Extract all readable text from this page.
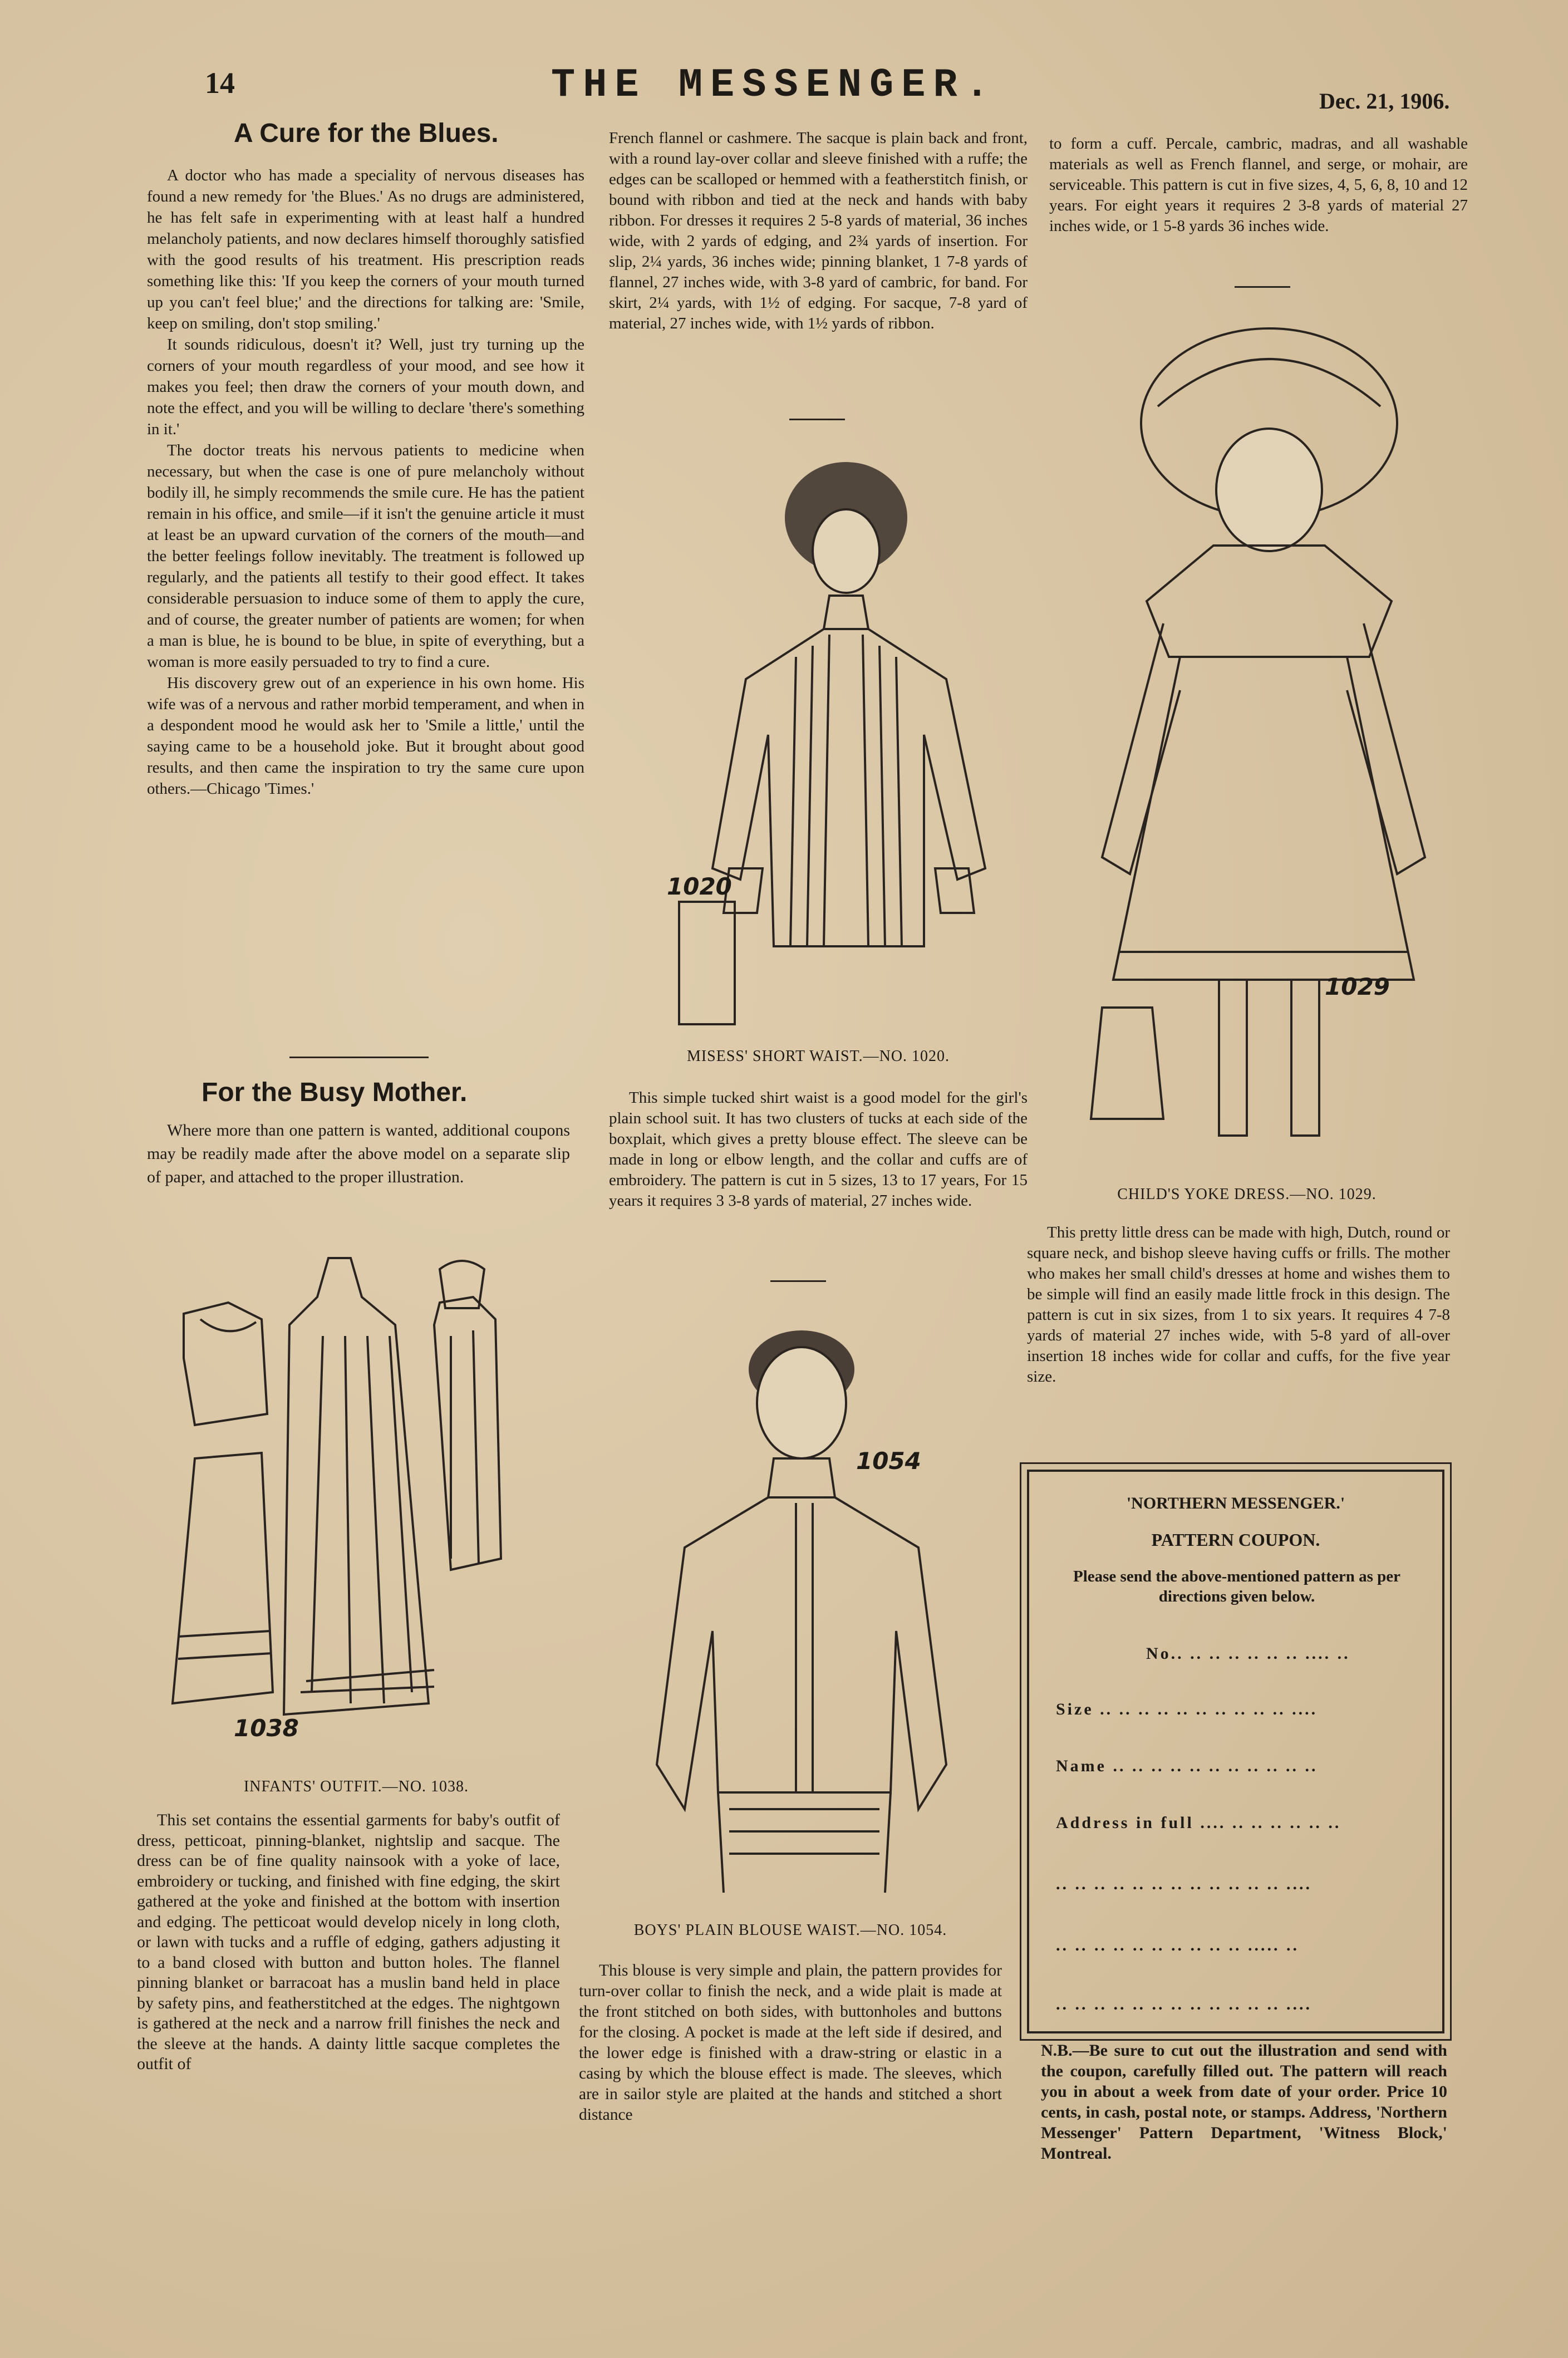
14	THE MESSENGER.	Dec. 21, 1906.
A Cure for the Blues.

A doctor who has made a speciality of nervous diseases has found a new remedy for 'the Blues.' As no drugs are administered, he has felt safe in experimenting with at least half a hundred melancholy patients, and now declares himself thoroughly satisfied with the good results of his treatment. His prescription reads something like this: 'If you keep the corners of your mouth turned up you can't feel blue;' and the directions for talking are: 'Smile, keep on smiling, don't stop smiling.'

It sounds ridiculous, doesn't it? Well, just try turning up the corners of your mouth regardless of your mood, and see how it makes you feel; then draw the corners of your mouth down, and note the effect, and you will be willing to declare 'there's something in it.'

The doctor treats his nervous patients to medicine when necessary, but when the case is one of pure melancholy without bodily ill, he simply recommends the smile cure. He has the patient remain in his office, and smile—if it isn't the genuine article it must at least be an upward curvation of the corners of the mouth—and the better feelings follow inevitably. The treatment is followed up regularly, and the patients all testify to their good effect. It takes considerable persuasion to induce some of them to apply the cure, and of course, the greater number of patients are women; for when a man is blue, he is bound to be blue, in spite of everything, but a woman is more easily persuaded to try to find a cure.

His discovery grew out of an experience in his own home. His wife was of a nervous and rather morbid temperament, and when in a despondent mood he would ask her to 'Smile a little,' until the saying came to be a household joke. But it brought about good results, and then came the inspiration to try the same cure upon others.—Chicago 'Times.'

For the Busy Mother.

Where more than one pattern is wanted, additional coupons may be readily made after the above model on a separate slip of paper, and attached to the proper illustration.

1038
INFANTS' OUTFIT.—NO. 1038.

This set contains the essential garments for baby's outfit of dress, petticoat, pinning-blanket, nightslip and sacque. The dress can be of fine quality nainsook with a yoke of lace, embroidery or tucking, and finished with fine edging, the skirt gathered at the yoke and finished at the bottom with insertion and edging. The petticoat would develop nicely in long cloth, or lawn with tucks and a ruffle of edging, gathers adjusting it to a band closed with button and button holes. The flannel pinning blanket or barracoat has a muslin band held in place by safety pins, and featherstitched at the edges. The nightgown is gathered at the neck and a narrow frill finishes the neck and the sleeve at the hands. A dainty little sacque completes the outfit of

French flannel or cashmere. The sacque is plain back and front, with a round lay-over collar and sleeve finished with a ruffe; the edges can be scalloped or hemmed with a featherstitch finish, or bound with ribbon and tied at the neck and hands with baby ribbon. For dresses it requires 2 5-8 yards of material, 36 inches wide, with 2 yards of edging, and 2¾ yards of insertion. For slip, 2¼ yards, 36 inches wide; pinning blanket, 1 7-8 yards of flannel, 27 inches wide, with 3-8 yard of cambric, for band. For skirt, 2¼ yards, with 1½ of edging. For sacque, 7-8 yard of material, 27 inches wide, with 1½ yards of ribbon.

1020
MISESS' SHORT WAIST.—NO. 1020.

This simple tucked shirt waist is a good model for the girl's plain school suit. It has two clusters of tucks at each side of the boxplait, which gives a pretty blouse effect. The sleeve can be made in long or elbow length, and the collar and cuffs are of embroidery. The pattern is cut in 5 sizes, 13 to 17 years, For 15 years it requires 3 3-8 yards of material, 27 inches wide.

1054
BOYS' PLAIN BLOUSE WAIST.—NO. 1054.

This blouse is very simple and plain, the pattern provides for turn-over collar to finish the neck, and a wide plait is made at the front stitched on both sides, with buttonholes and buttons for the closing. A pocket is made at the left side if desired, and the lower edge is finished with a draw-string or elastic in a casing by which the blouse effect is made. The sleeves, which are in sailor style are plaited at the hands and stitched a short distance

to form a cuff. Percale, cambric, madras, and all washable materials as well as French flannel, and serge, or mohair, are serviceable. This pattern is cut in five sizes, 4, 5, 6, 8, 10 and 12 years. For eight years it requires 2 3-8 yards of material 27 inches wide, or 1 5-8 yards 36 inches wide.

1029
CHILD'S YOKE DRESS.—NO. 1029.

This pretty little dress can be made with high, Dutch, round or square neck, and bishop sleeve having cuffs or frills. The mother who makes her small child's dresses at home and wishes them to be simple will find an easily made little frock in this design. The pattern is cut in six sizes, from 1 to six years. It requires 4 7-8 yards of material 27 inches wide, with 5-8 yard of all-over insertion 18 inches wide for collar and cuffs, for the five year size.

'NORTHERN MESSENGER.'
PATTERN COUPON.
Please send the above-mentioned pattern as per directions given below.
No.. .. .. .. .. .. .. .... ..
Size .. .. .. .. .. .. .. .. .. .. ....
Name .. .. .. .. .. .. .. .. .. .. ..
Address in full .... .. .. .. .. .. ..
.. .. .. .. .. .. .. .. .. .. .. .. ....
.. .. .. .. .. .. .. .. .. .. ..... ..
.. .. .. .. .. .. .. .. .. .. .. .. ....

N.B.—Be sure to cut out the illustration and send with the coupon, carefully filled out. The pattern will reach you in about a week from date of your order. Price 10 cents, in cash, postal note, or stamps. Address, 'Northern Messenger' Pattern Department, 'Witness Block,' Montreal.
